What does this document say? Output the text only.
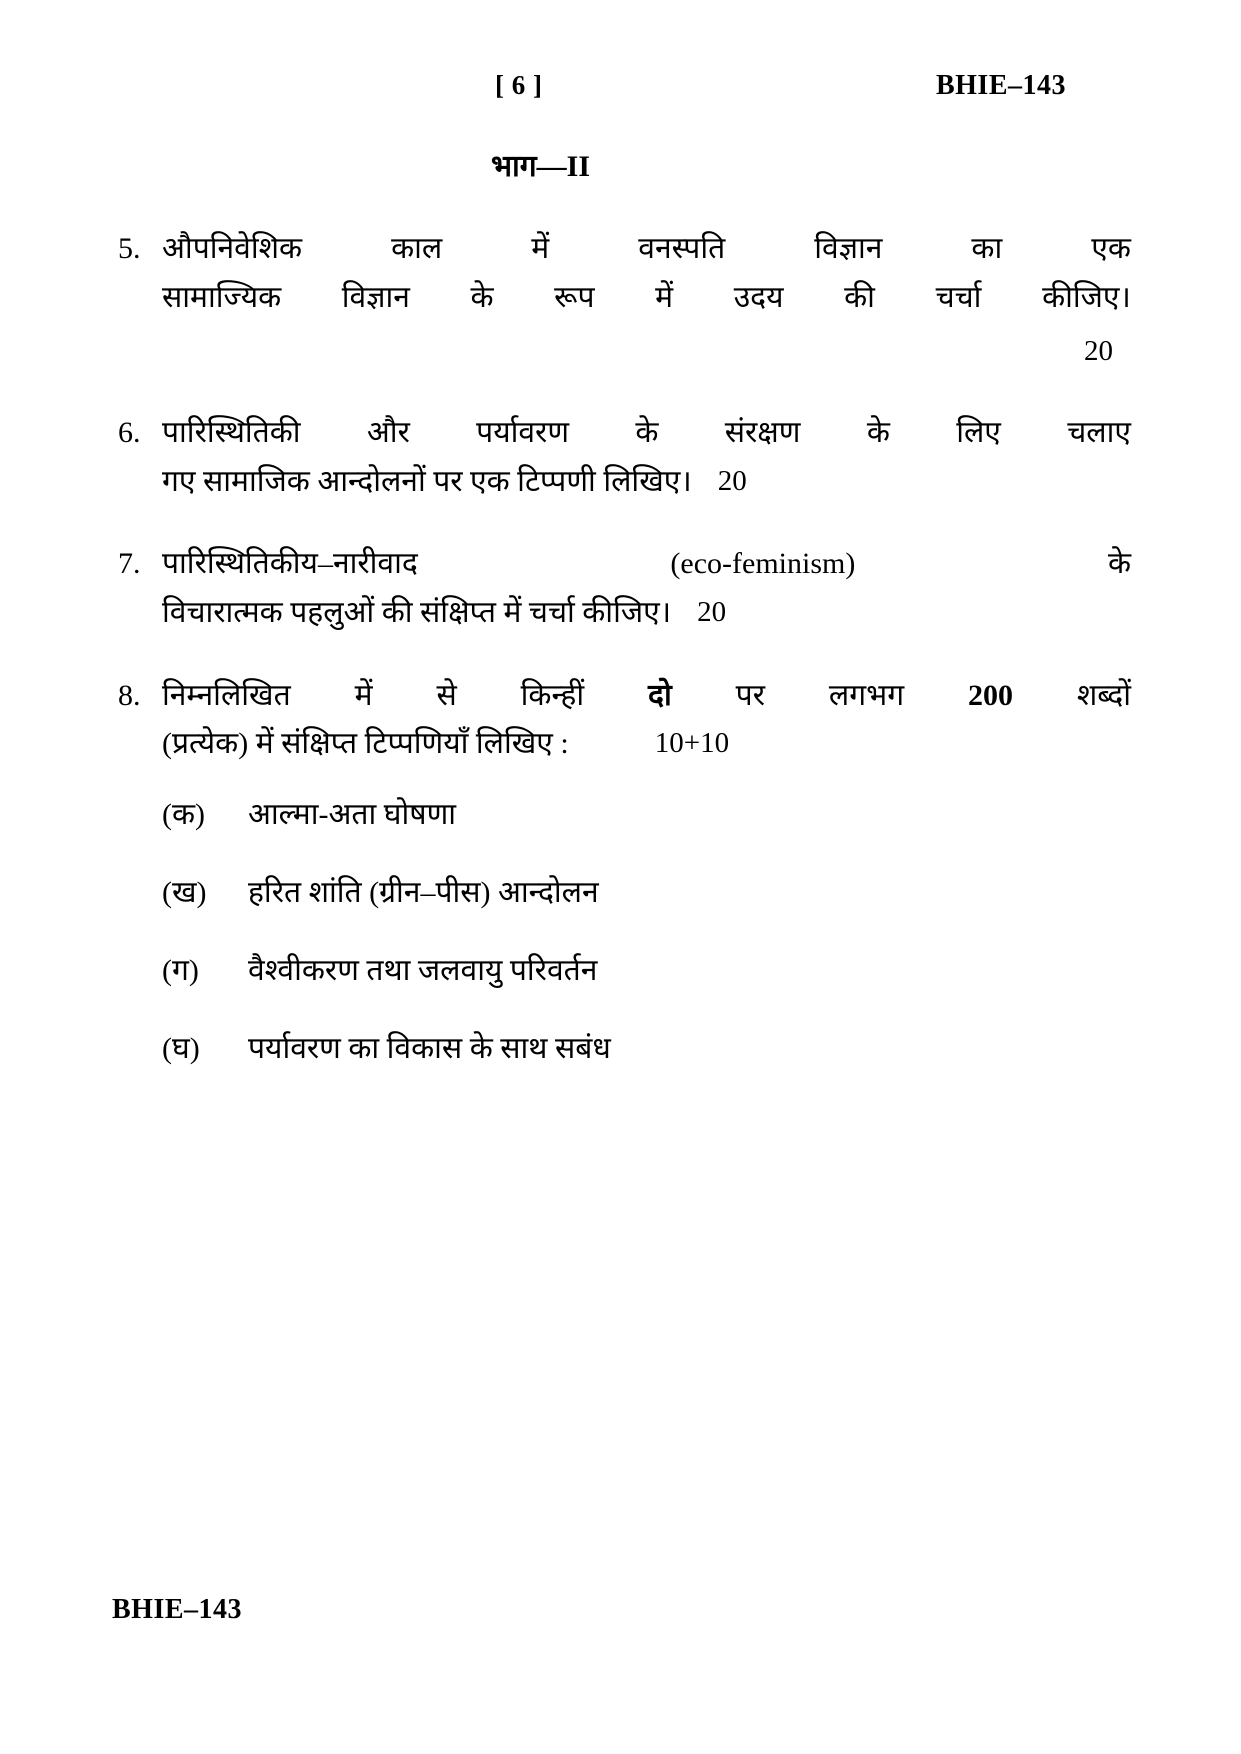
[ 6 ]	BHIE–143
भाग—II
5. औपनिवेशिक	काल	में	वनस्पति	विज्ञान	का	एक
सामाज्यिक विज्ञान के रूप में उदय की चर्चा कीजिए।
20
6. पारिस्थितिकी और पर्यावरण के संरक्षण के लिए चलाए
गए
सामाजिक
आन्दोलनों
पर
एक
टिप्पणी
लिखिए। 20
7. पारिस्थितिकीय–नारीवाद	(eco-feminism)	के
विचारात्मक
पहलुओं
की
संक्षिप्त
में
चर्चा
कीजिए। 20
8. निम्नलिखित में से किन्हीं दो पर लगभग 200 शब्दों
(प्रत्येक)
में
संक्षिप्त
टिप्पणियाँ
लिखिए
:	10+10
(क)	आल्मा-अता घोषणा
(ख)	हरित शांति (ग्रीन–पीस) आन्दोलन
(ग)	वैश्वीकरण तथा जलवायु परिवर्तन
(घ)	पर्यावरण का विकास के साथ सबंध
BHIE–143
